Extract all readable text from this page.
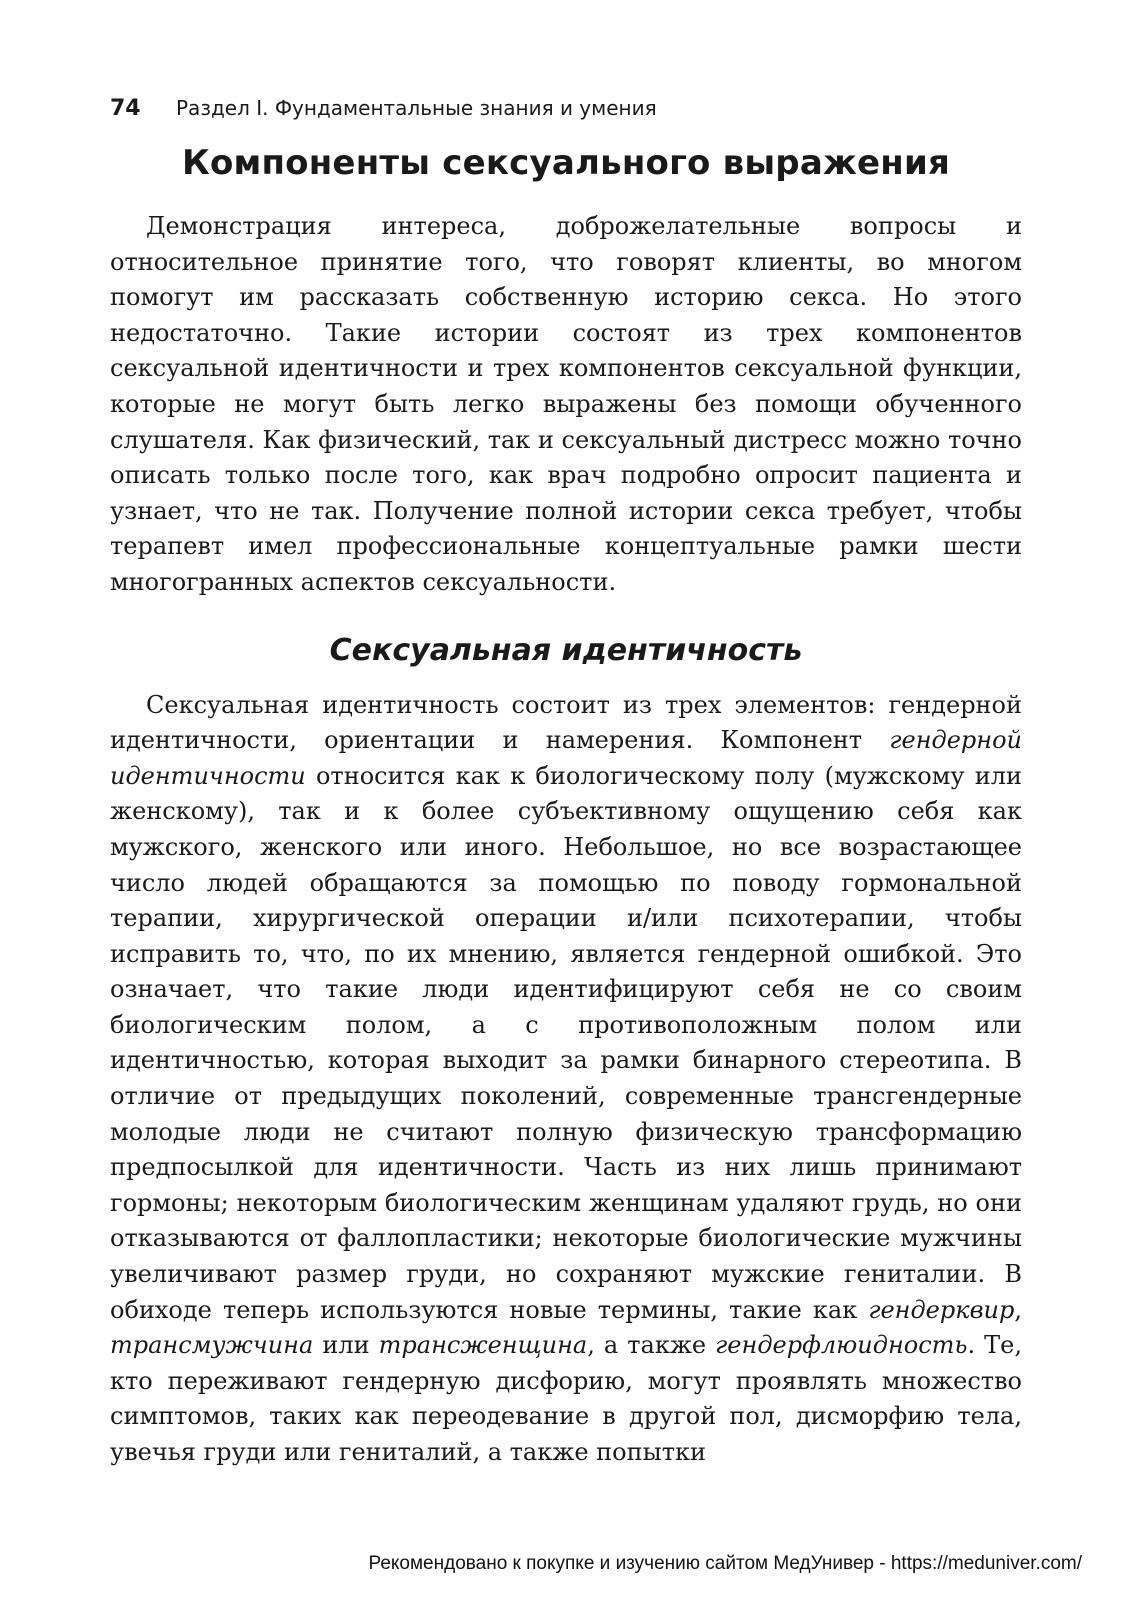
74	Раздел I. Фундаментальные знания и умения
Компоненты сексуального выражения

Демонстрация интереса, доброжелательные вопросы и относительное принятие того, что говорят клиенты, во многом помогут им рассказать собственную историю секса. Но этого недостаточно. Такие истории состоят из трех компонентов сексуальной идентичности и трех компонентов сексуальной функции, которые не могут быть легко выражены без помощи обученного слушателя. Как физический, так и сексуальный дистресс можно точно описать только после того, как врач подробно опросит пациента и узнает, что не так. Получение полной истории секса требует, чтобы терапевт имел профессиональные концептуальные рамки шести многогранных аспектов сексуальности.

Сексуальная идентичность

Сексуальная идентичность состоит из трех элементов: гендерной идентичности, ориентации и намерения. Компонент гендерной идентичности относится как к биологическому полу (мужскому или женскому), так и к более субъективному ощущению себя как мужского, женского или иного. Небольшое, но все возрастающее число людей обращаются за помощью по поводу гормональной терапии, хирургической операции и/или психотерапии, чтобы исправить то, что, по их мнению, является гендерной ошибкой. Это означает, что такие люди идентифицируют себя не со своим биологическим полом, а с противоположным полом или идентичностью, которая выходит за рамки бинарного стереотипа. В отличие от предыдущих поколений, современные трансгендерные молодые люди не считают полную физическую трансформацию предпосылкой для идентичности. Часть из них лишь принимают гормоны; некоторым биологическим женщинам удаляют грудь, но они отказываются от фаллопластики; некоторые биологические мужчины увеличивают размер груди, но сохраняют мужские гениталии. В обиходе теперь используются новые термины, такие как гендерквир, трансмужчина или трансженщина, а также гендерфлюидность. Те, кто переживают гендерную дисфорию, могут проявлять множество симптомов, таких как переодевание в другой пол, дисморфию тела, увечья груди или гениталий, а также попытки

Рекомендовано к покупке и изучению сайтом МедУнивер - https://meduniver.com/
